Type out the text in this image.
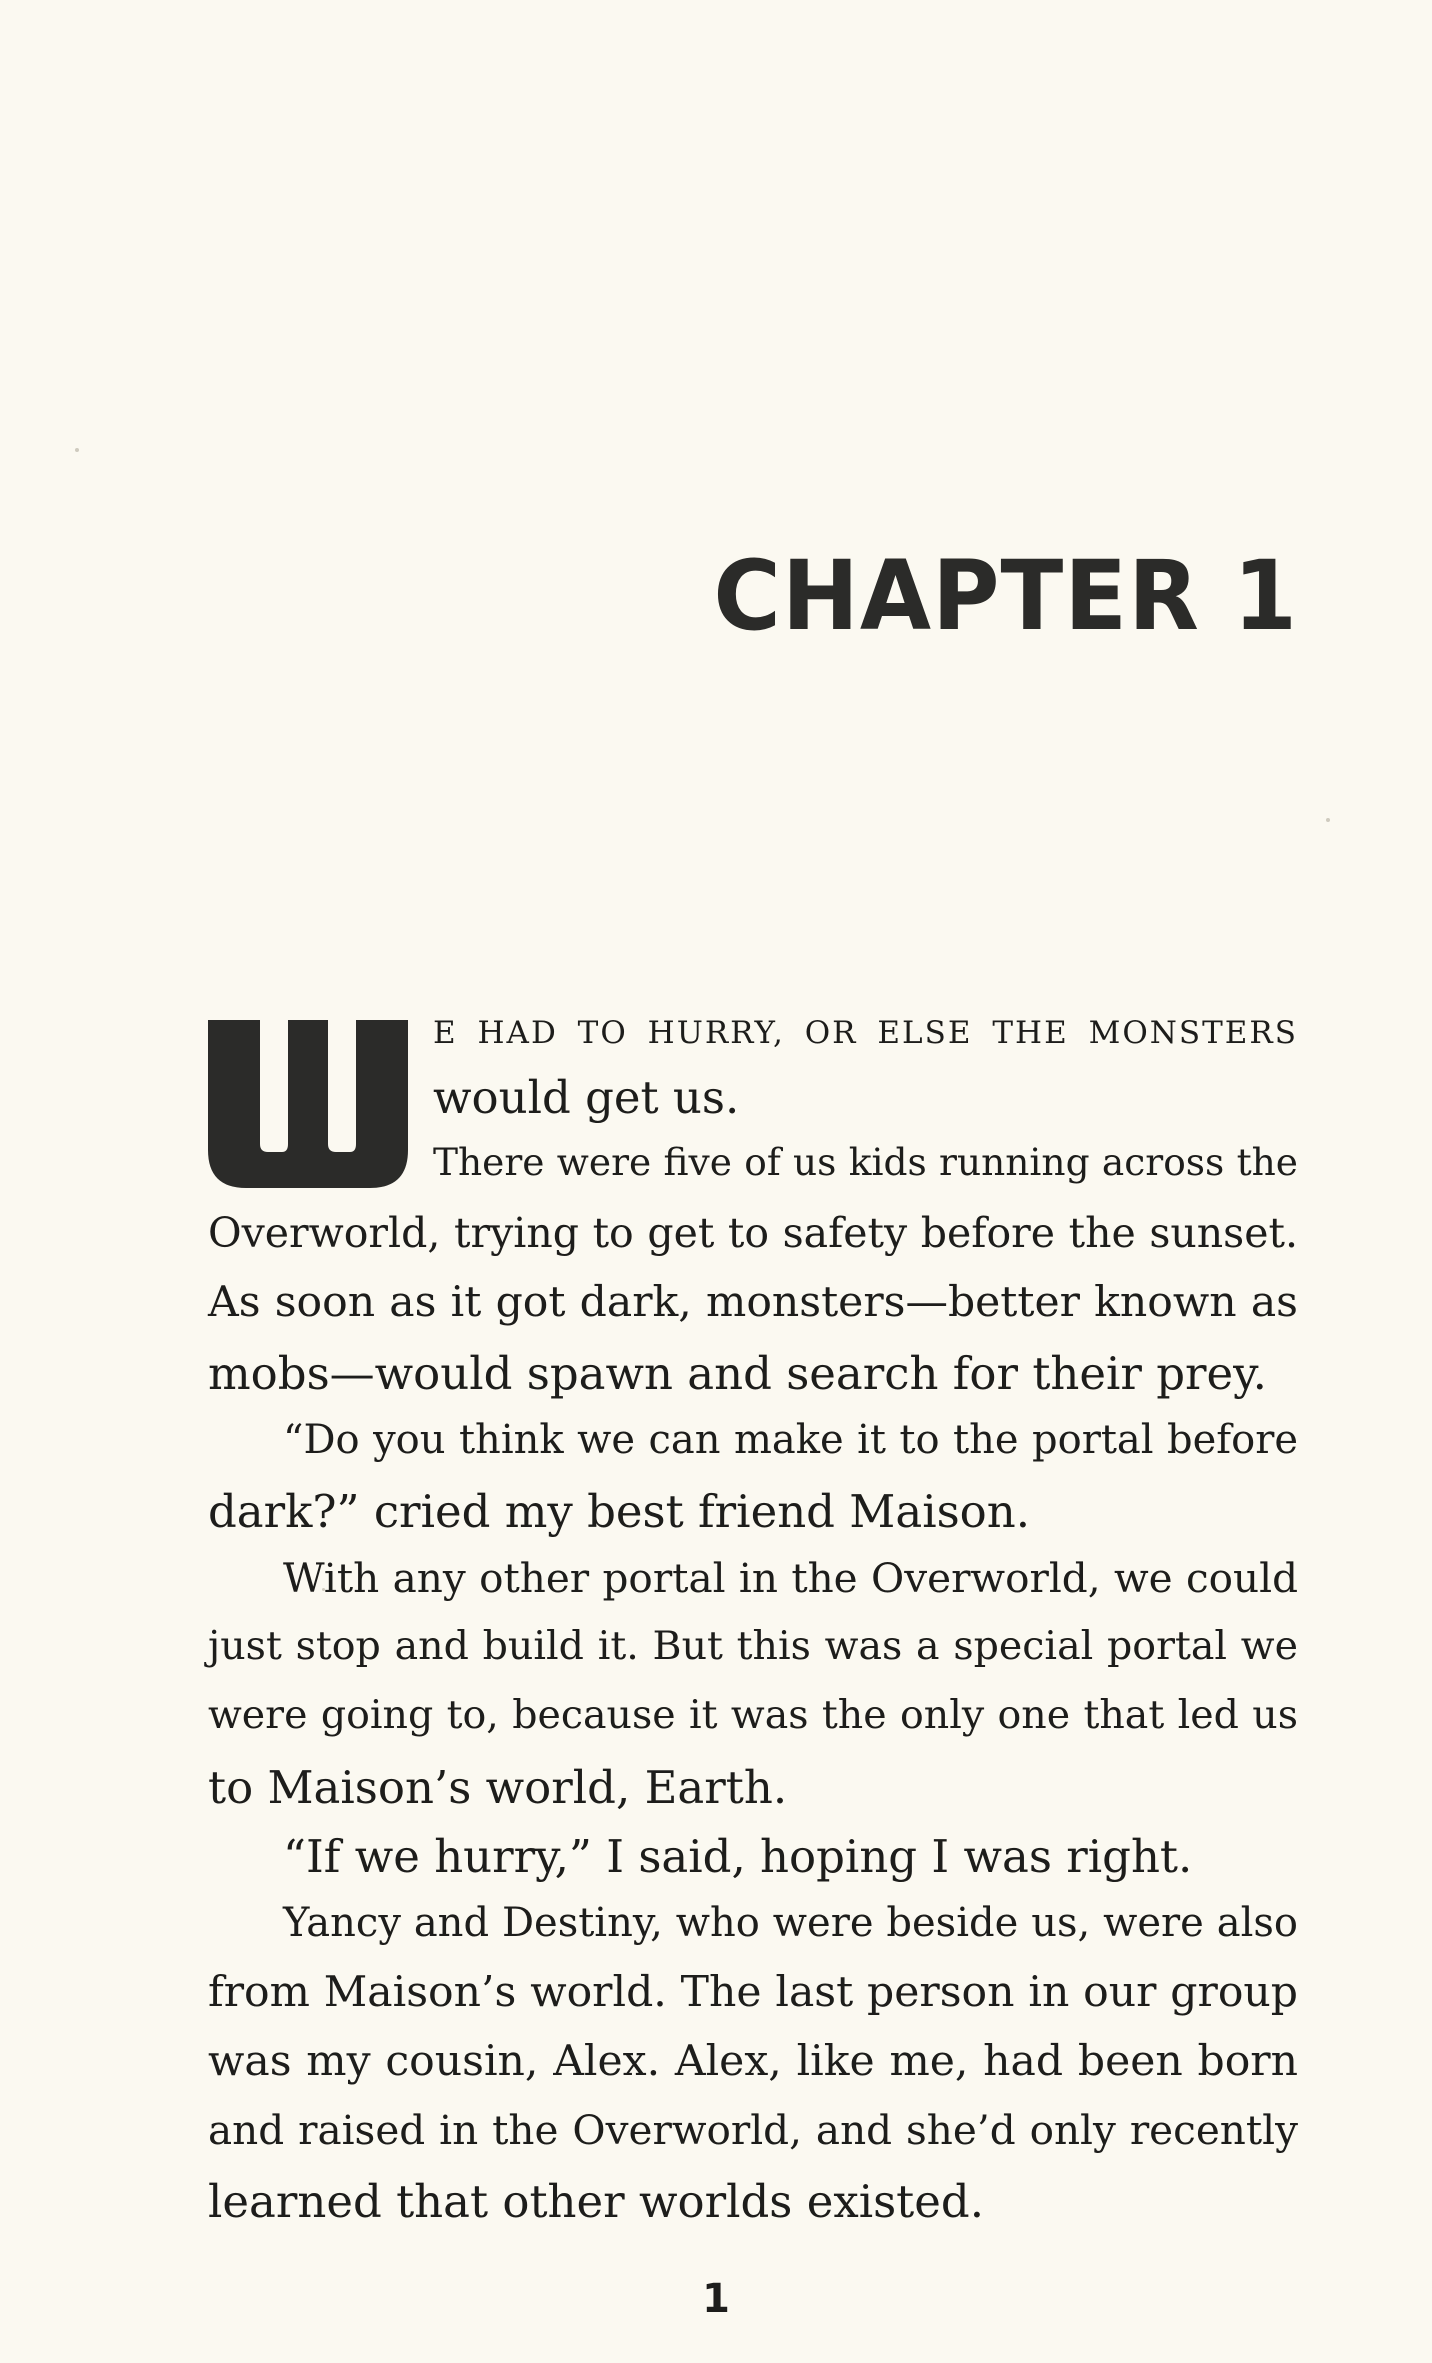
CHAPTER 1
E HAD TO HURRY, OR ELSE THE MONSTERS
would get us.
There were five of us kids running across the
Overworld, trying to get to safety before the sunset.
As soon as it got dark, monsters—better known as
mobs—would spawn and search for their prey.
“Do you think we can make it to the portal before
dark?” cried my best friend Maison.
With any other portal in the Overworld, we could
just stop and build it. But this was a special portal we
were going to, because it was the only one that led us
to Maison’s world, Earth.
“If we hurry,” I said, hoping I was right.
Yancy and Destiny, who were beside us, were also
from Maison’s world. The last person in our group
was my cousin, Alex. Alex, like me, had been born
and raised in the Overworld, and she’d only recently
learned that other worlds existed.

1
